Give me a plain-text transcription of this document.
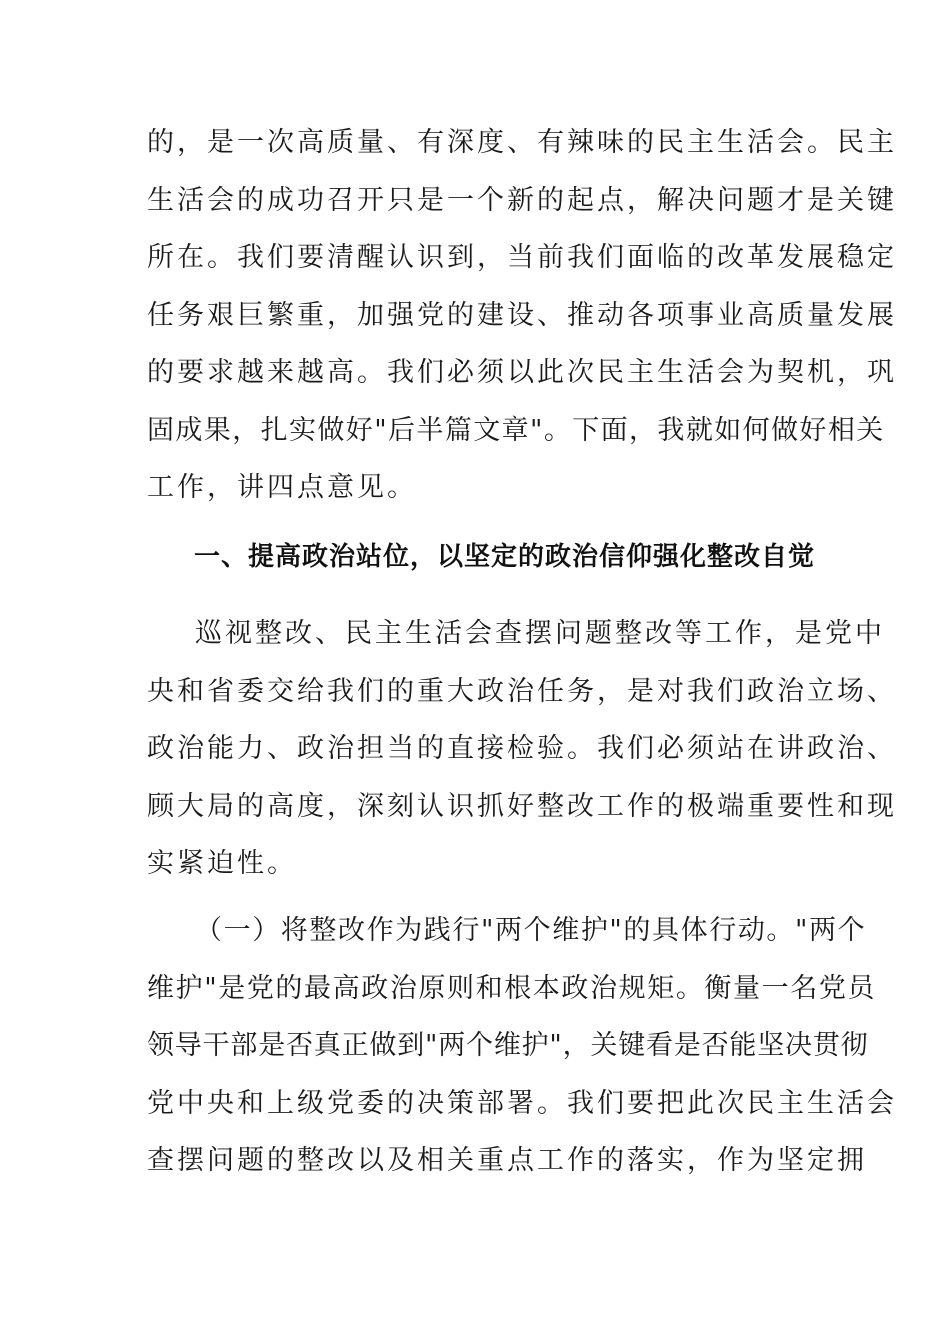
的，是一次高质量、有深度、有辣味的民主生活会。民主
生活会的成功召开只是一个新的起点，解决问题才是关键
所在。我们要清醒认识到，当前我们面临的改革发展稳定
任务艰巨繁重，加强党的建设、推动各项事业高质量发展
的要求越来越高。我们必须以此次民主生活会为契机，巩
固成果，扎实做好"后半篇文章"。下面，我就如何做好相关
工作，讲四点意见。
一、提高政治站位，以坚定的政治信仰强化整改自觉
巡视整改、民主生活会查摆问题整改等工作，是党中
央和省委交给我们的重大政治任务，是对我们政治立场、
政治能力、政治担当的直接检验。我们必须站在讲政治、
顾大局的高度，深刻认识抓好整改工作的极端重要性和现
实紧迫性。
（一）将整改作为践行"两个维护"的具体行动。"两个
维护"是党的最高政治原则和根本政治规矩。衡量一名党员
领导干部是否真正做到"两个维护"，关键看是否能坚决贯彻
党中央和上级党委的决策部署。我们要把此次民主生活会
查摆问题的整改以及相关重点工作的落实，作为坚定拥
